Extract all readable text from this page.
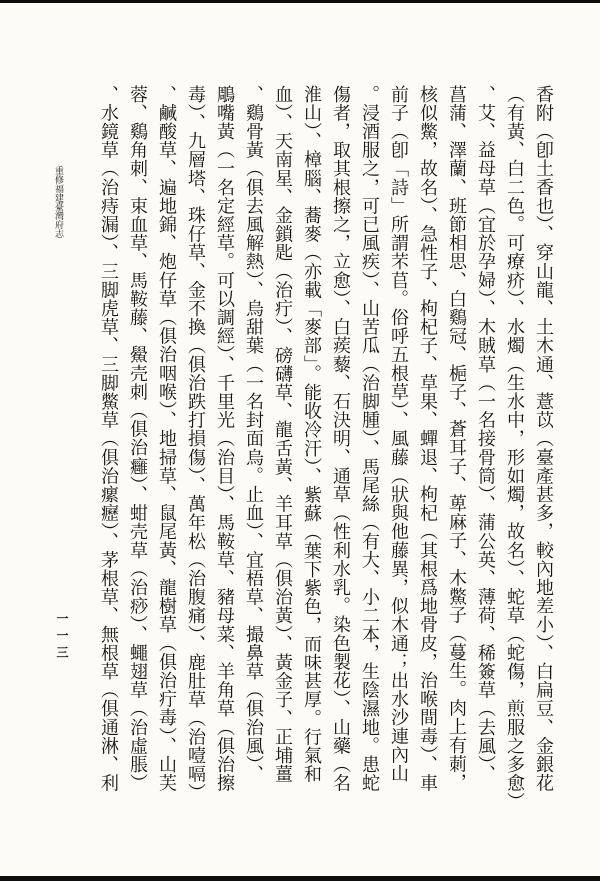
重修福建臺灣府志
一一三	香附（卽土香也）、穿山龍、土木通、薏苡（臺產甚多，較內地差小）、白扁豆、金銀花
（有黃、白二色。可療疥）、水燭（生水中，形如燭，故名）、蛇草（蛇傷，煎服之多愈）
、艾、益母草（宜於孕婦）、木賊草（一名接骨筒）、蒲公英、薄荷、稀簽草（去風）、
菖蒲、澤蘭、班節相思、白鷄冠、梔子、蒼耳子、萆麻子、木鱉子（蔓生。肉上有莿，
核似鱉，故名）、急性子、枸杞子、草果、蟬退、枸杞（其根爲地骨皮，治喉間毒）、車
前子（卽「詩」所謂芣苢。俗呼五根草）、風藤（狀與他藤異，似木通；出水沙連內山
。浸酒服之，可已風疾）、山苦瓜（治脚腫）、馬尾絲（有大、小二本，生陰濕地。患蛇
傷者，取其根擦之，立愈）、白蒺藜、石決明、通草（性利水乳。染色製花）、山藥（名
淮山）、樟腦、蕎麥（亦載「麥部」。能收冷汗）、紫蘇（葉下紫色，而味甚厚。行氣和
血）、天南星、金鎖匙（治疔）、磅礴草、龍舌黃、羊耳草（俱治黃）、黃金子、正埔薑
、鷄骨黃（俱去風解熱）、烏甜葉（一名封面烏。止血）、宜梧草、撮鼻草（俱治風）、
鵰嘴黃（一名定經草。可以調經）、千里光（治目）、馬鞍草、豬母菜、羊角草（俱治擦
毒）、九層塔、珠仔草、金不換（俱治跌打損傷）、萬年松（治腹痛）、鹿肚草（治噎嗝）
、鹹酸草、遍地錦、炮仔草（俱治咽喉）、地掃草、鼠尾黃、龍樹草（俱治疔毒）、山芙
蓉、鷄角刺、束血草、馬鞍藤、鱟壳刺（俱治癰）、蚶壳草（治痧）、蠅翅草（治虛脹）
、水鏡草（治痔漏）、三脚虎草、三脚鱉草（俱治瘰癧）、茅根草、無根草（俱通淋、利
